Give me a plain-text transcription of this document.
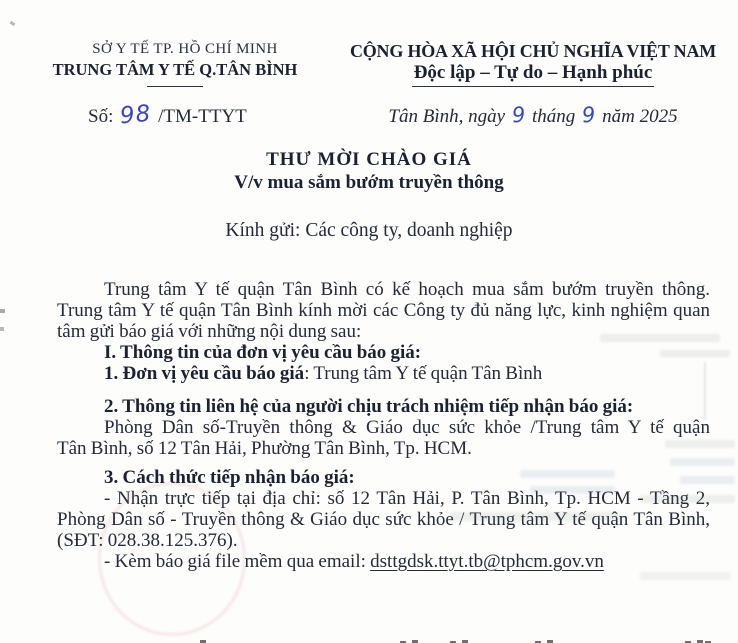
SỞ Y TẾ TP. HỒ CHÍ MINH
TRUNG TÂM Y TẾ Q.TÂN BÌNH
Số: 98 /TM-TTYT
CỘNG HÒA XÃ HỘI CHỦ NGHĨA VIỆT NAM
Độc lập – Tự do – Hạnh phúc
Tân Bình, ngày 9 tháng 9 năm 2025
THƯ MỜI CHÀO GIÁ
V/v mua sắm bướm truyền thông
Kính gửi: Các công ty, doanh nghiệp

Trung tâm Y tế quận Tân Bình có kế hoạch mua sắm bướm truyền thông.
Trung tâm Y tế quận Tân Bình kính mời các Công ty đủ năng lực, kinh nghiệm quan
tâm gửi báo giá với những nội dung sau:

I. Thông tin của đơn vị yêu cầu báo giá:

1. Đơn vị yêu cầu báo giá: Trung tâm Y tế quận Tân Bình

2. Thông tin liên hệ của người chịu trách nhiệm tiếp nhận báo giá:

Phòng Dân số-Truyền thông & Giáo dục sức khỏe /Trung tâm Y tế quận
Tân Bình, số 12 Tân Hải, Phường Tân Bình, Tp. HCM.

3. Cách thức tiếp nhận báo giá:

- Nhận trực tiếp tại địa chỉ: số 12 Tân Hải, P. Tân Bình, Tp. HCM - Tầng 2,
Phòng Dân số - Truyền thông & Giáo dục sức khỏe / Trung tâm Y tế quận Tân Bình,
(SĐT: 028.38.125.376).

- Kèm báo giá file mềm qua email: dsttgdsk.ttyt.tb@tphcm.gov.vn
